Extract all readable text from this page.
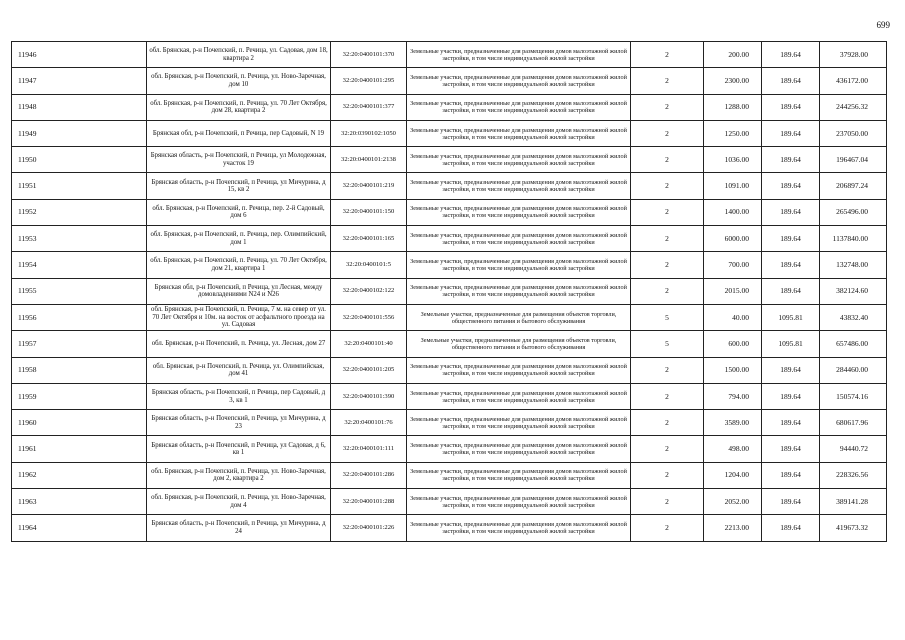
699
11946	обл. Брянская, р-н Почепский, п. Речица, ул. Садовая, дом 18, квартира 2	32:20:0400101:370	Земельные участки, предназначенные для размещения домов малоэтажной жилой застройки, в том числе индивидуальной жилой застройки	2	200.00	189.64	37928.00
11947	обл. Брянская, р-н Почепский, п. Речица, ул. Ново-Заречная, дом 10	32:20:0400101:295	Земельные участки, предназначенные для размещения домов малоэтажной жилой застройки, в том числе индивидуальной жилой застройки	2	2300.00	189.64	436172.00
11948	обл. Брянская, р-н Почепский, п. Речица, ул. 70 Лет Октября, дом 28, квартира 2	32:20:0400101:377	Земельные участки, предназначенные для размещения домов малоэтажной жилой застройки, в том числе индивидуальной жилой застройки	2	1288.00	189.64	244256.32
11949	Брянская обл, р-н Почепский, п Речица, пер Садовый, N 19	32:20:0390102:1050	Земельные участки, предназначенные для размещения домов малоэтажной жилой застройки, в том числе индивидуальной жилой застройки	2	1250.00	189.64	237050.00
11950	Брянская область, р-н Почепский, п Речица, ул Молодежная, участок 19	32:20:0400101:2138	Земельные участки, предназначенные для размещения домов малоэтажной жилой застройки, в том числе индивидуальной жилой застройки	2	1036.00	189.64	196467.04
11951	Брянская область, р-н Почепский, п Речица, ул Мичурина, д 15, кв 2	32:20:0400101:219	Земельные участки, предназначенные для размещения домов малоэтажной жилой застройки, в том числе индивидуальной жилой застройки	2	1091.00	189.64	206897.24
11952	обл. Брянская, р-н Почепский, п. Речица, пер. 2-й Садовый, дом 6	32:20:0400101:150	Земельные участки, предназначенные для размещения домов малоэтажной жилой застройки, в том числе индивидуальной жилой застройки	2	1400.00	189.64	265496.00
11953	обл. Брянская, р-н Почепский, п. Речица, пер. Олимпийский, дом 1	32:20:0400101:165	Земельные участки, предназначенные для размещения домов малоэтажной жилой застройки, в том числе индивидуальной жилой застройки	2	6000.00	189.64	1137840.00
11954	обл. Брянская, р-н Почепский, п. Речица, ул. 70 Лет Октября, дом 21, квартира 1	32:20:0400101:5	Земельные участки, предназначенные для размещения домов малоэтажной жилой застройки, в том числе индивидуальной жилой застройки	2	700.00	189.64	132748.00
11955	Брянская обл, р-н Почепский, п Речица, ул Лесная, между домовладениями N24 и N26	32:20:0400102:122	Земельные участки, предназначенные для размещения домов малоэтажной жилой застройки, в том числе индивидуальной жилой застройки	2	2015.00	189.64	382124.60
11956	обл. Брянская, р-н Почепский, п. Речица, 7 м. на север от ул. 70 Лет Октября и 10м. на восток от асфальтного проезда на ул. Садовая	32:20:0400101:556	Земельные участки, предназначенные для размещения объектов торговли, общественного питания и бытового обслуживания	5	40.00	1095.81	43832.40
11957	обл. Брянская, р-н Почепский, п. Речица, ул. Лесная, дом 27	32:20:0400101:40	Земельные участки, предназначенные для размещения объектов торговли, общественного питания и бытового обслуживания	5	600.00	1095.81	657486.00
11958	обл. Брянская, р-н Почепский, п. Речица, ул. Олимпийская, дом 41	32:20:0400101:205	Земельные участки, предназначенные для размещения домов малоэтажной жилой застройки, в том числе индивидуальной жилой застройки	2	1500.00	189.64	284460.00
11959	Брянская область, р-н Почепский, п Речица, пер Садовый, д 3, кв 1	32:20:0400101:390	Земельные участки, предназначенные для размещения домов малоэтажной жилой застройки, в том числе индивидуальной жилой застройки	2	794.00	189.64	150574.16
11960	Брянская область, р-н Почепский, п Речица, ул Мичурина, д 23	32:20:0400101:76	Земельные участки, предназначенные для размещения домов малоэтажной жилой застройки, в том числе индивидуальной жилой застройки	2	3589.00	189.64	680617.96
11961	Брянская область, р-н Почепский, п Речица, ул Садовая, д 6, кв 1	32:20:0400101:111	Земельные участки, предназначенные для размещения домов малоэтажной жилой застройки, в том числе индивидуальной жилой застройки	2	498.00	189.64	94440.72
11962	обл. Брянская, р-н Почепский, п. Речица, ул. Ново-Заречная, дом 2, квартира 2	32:20:0400101:286	Земельные участки, предназначенные для размещения домов малоэтажной жилой застройки, в том числе индивидуальной жилой застройки	2	1204.00	189.64	228326.56
11963	обл. Брянская, р-н Почепский, п. Речица, ул. Ново-Заречная, дом 4	32:20:0400101:288	Земельные участки, предназначенные для размещения домов малоэтажной жилой застройки, в том числе индивидуальной жилой застройки	2	2052.00	189.64	389141.28
11964	Брянская область, р-н Почепский, п Речица, ул Мичурина, д 24	32:20:0400101:226	Земельные участки, предназначенные для размещения домов малоэтажной жилой застройки, в том числе индивидуальной жилой застройки	2	2213.00	189.64	419673.32
